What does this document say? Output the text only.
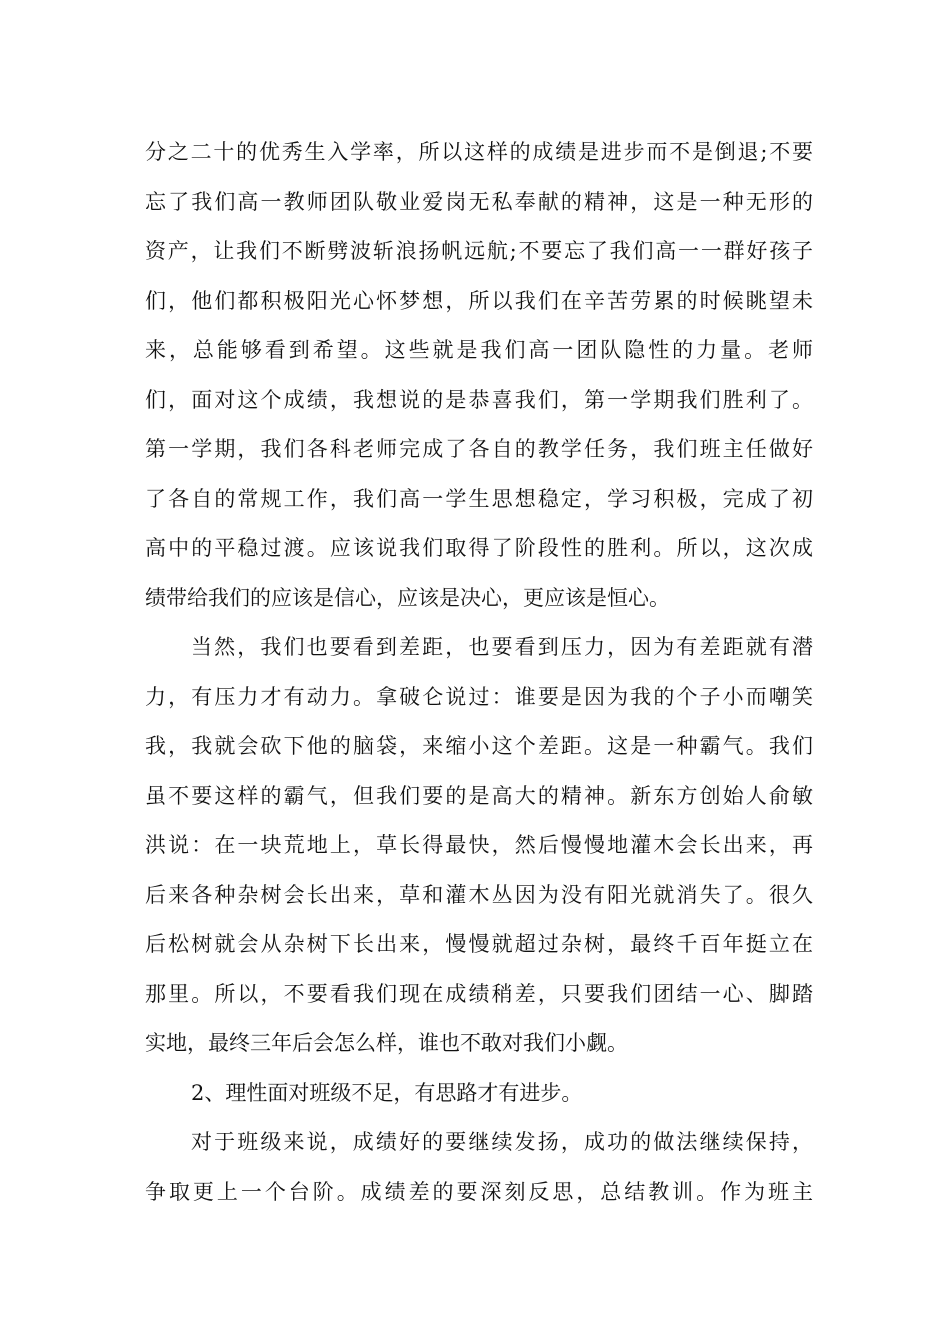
分之二十的优秀生入学率，所以这样的成绩是进步而不是倒退;不要
忘了我们高一教师团队敬业爱岗无私奉献的精神，这是一种无形的
资产，让我们不断劈波斩浪扬帆远航;不要忘了我们高一一群好孩子
们，他们都积极阳光心怀梦想，所以我们在辛苦劳累的时候眺望未
来，总能够看到希望。这些就是我们高一团队隐性的力量。老师
们，面对这个成绩，我想说的是恭喜我们，第一学期我们胜利了。
第一学期，我们各科老师完成了各自的教学任务，我们班主任做好
了各自的常规工作，我们高一学生思想稳定，学习积极，完成了初
高中的平稳过渡。应该说我们取得了阶段性的胜利。所以，这次成
绩带给我们的应该是信心，应该是决心，更应该是恒心。
当然，我们也要看到差距，也要看到压力，因为有差距就有潜
力，有压力才有动力。拿破仑说过：谁要是因为我的个子小而嘲笑
我，我就会砍下他的脑袋，来缩小这个差距。这是一种霸气。我们
虽不要这样的霸气，但我们要的是高大的精神。新东方创始人俞敏
洪说：在一块荒地上，草长得最快，然后慢慢地灌木会长出来，再
后来各种杂树会长出来，草和灌木丛因为没有阳光就消失了。很久
后松树就会从杂树下长出来，慢慢就超过杂树，最终千百年挺立在
那里。所以，不要看我们现在成绩稍差，只要我们团结一心、脚踏
实地，最终三年后会怎么样，谁也不敢对我们小觑。
2、理性面对班级不足，有思路才有进步。
对于班级来说，成绩好的要继续发扬，成功的做法继续保持，
争取更上一个台阶。成绩差的要深刻反思，总结教训。作为班主
